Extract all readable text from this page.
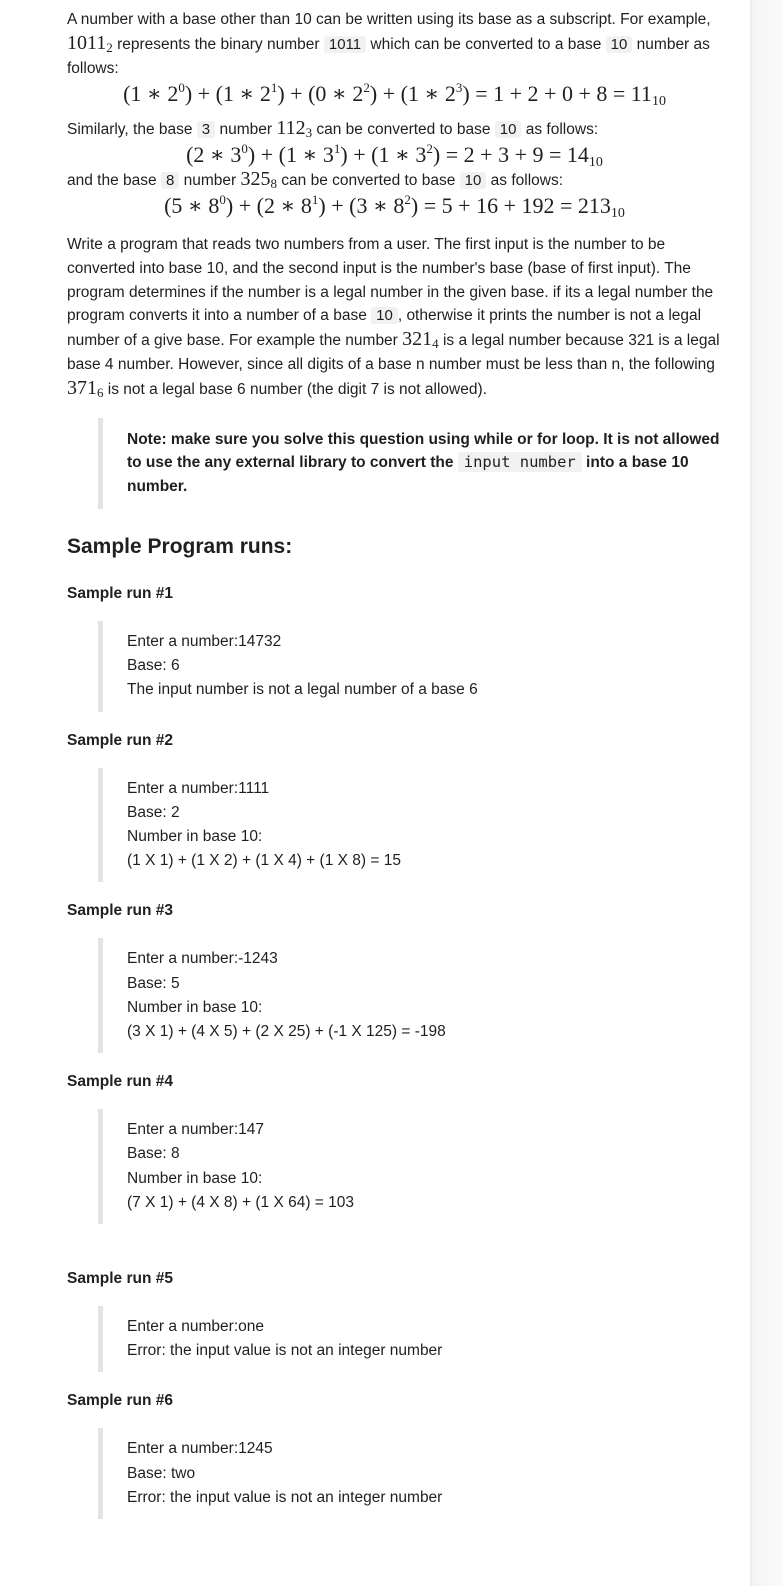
A number with a base other than 10 can be written using its base as a subscript. For example, $1011_2$ represents the binary number 1011 which can be converted to a base 10 number as follows:

(1 ∗ $2^0) + (1$ ∗ $2^1) + (0$ ∗ $2^2) + (1$ ∗ $2^3) = 1 + 2 + 0 + 8 = 11_{10}$

Similarly, the base 3 number $112_3$ can be converted to base 10 as follows:

(2 ∗ $3^0) + (1$ ∗ $3^1) + (1$ ∗ $3^2) = 2 + 3 + 9 = 14_{10}$

and the base 8 number $325_8$ can be converted to base 10 as follows:

(5 ∗ $8^0) + (2$ ∗ $8^1) + (3$ ∗ $8^2) = 5 + 16 + 192 = 213_{10}$

Write a program that reads two numbers from a user. The first input is the number to be converted into base 10, and the second input is the number's base (base of first input). The program determines if the number is a legal number in the given base. if its a legal number the program converts it into a number of a base 10 , otherwise it prints the number is not a legal number of a give base. For example the number $321_4$ is a legal number because 321 is a legal base 4 number. However, since all digits of a base n number must be less than n, the following $371_6$ is not a legal base 6 number (the digit 7 is not allowed).

Note: make sure you solve this question using while or for loop. It is not allowed to use the any external library to convert the input number into a base 10 number.
Sample Program runs:
Sample run #1
Enter a number:14732
Base: 6
The input number is not a legal number of a base 6
Sample run #2
Enter a number:1111
Base: 2
Number in base 10:
(1 X 1) + (1 X 2) + (1 X 4) + (1 X 8) = 15
Sample run #3
Enter a number:-1243
Base: 5
Number in base 10:
(3 X 1) + (4 X 5) + (2 X 25) + (-1 X 125) = -198
Sample run #4
Enter a number:147
Base: 8
Number in base 10:
(7 X 1) + (4 X 8) + (1 X 64) = 103
Sample run #5
Enter a number:one
Error: the input value is not an integer number
Sample run #6
Enter a number:1245
Base: two
Error: the input value is not an integer number
